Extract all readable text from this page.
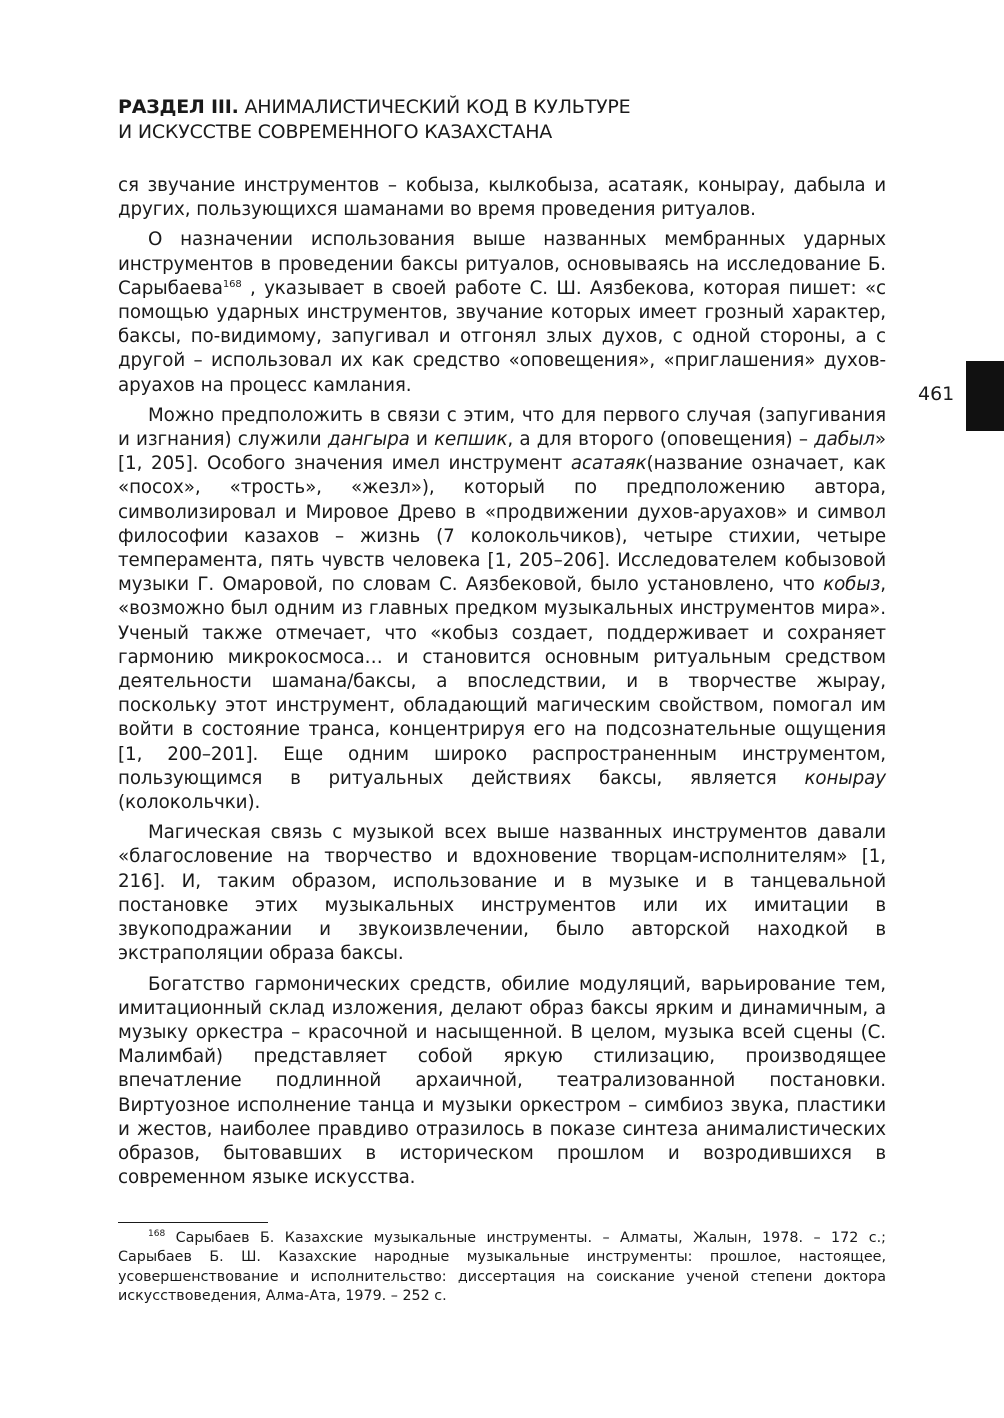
РАЗДЕЛ III. АНИМАЛИСТИЧЕСКИЙ КОД В КУЛЬТУРЕ
И ИСКУССТВЕ СОВРЕМЕННОГО КАЗАХСТАНА
461

ся звучание инструментов – кобыза, кылкобыза, асатаяк, конырау, дабыла и других, пользующихся шаманами во время проведения ритуалов.

О назначении использования выше названных мембранных ударных инструментов в проведении баксы ритуалов, основываясь на исследование Б. Сарыбаева$^{168}$ , указывает в своей работе С. Ш. Аязбекова, которая пишет: «с помощью ударных инструментов, звучание которых имеет грозный характер, баксы, по-видимому, запугивал и отгонял злых духов, с одной стороны, а с другой – использовал их как средство «оповещения», «приглашения» духов-аруахов на процесс камлания.

Можно предположить в связи с этим, что для первого случая (запугивания и изгнания) служили дангыра и кепшик, а для второго (оповещения) – дабыл» [1, 205]. Особого значения имел инструмент асатаяк(название означает, как «посох», «трость», «жезл»), который по предположению автора, символизировал и Мировое Древо в «продвижении духов-аруахов» и символ философии казахов – жизнь (7 колокольчиков), четыре стихии, четыре темперамента, пять чувств человека [1, 205–206]. Исследователем кобызовой музыки Г. Омаровой, по словам С. Аязбековой, было установлено, что кобыз, «возможно был одним из главных предком музыкальных инструментов мира». Ученый также отмечает, что «кобыз создает, поддерживает и сохраняет гармонию микрокосмоса… и становится основным ритуальным средством деятельности шамана/баксы, а впоследствии, и в творчестве жырау, поскольку этот инструмент, обладающий магическим свойством, помогал им войти в состояние транса, концентрируя его на подсознательные ощущения [1, 200–201]. Еще одним широко распространенным инструментом, пользующимся в ритуальных действиях баксы, является конырау (колокольчки).

Магическая связь с музыкой всех выше названных инструментов давали «благословение на творчество и вдохновение творцам-исполнителям» [1, 216]. И, таким образом, использование и в музыке и в танцевальной постановке этих музыкальных инструментов или их имитации в звукоподражании и звукоизвлечении, было авторской находкой в экстраполяции образа баксы.

Богатство гармонических средств, обилие модуляций, варьирование тем, имитационный склад изложения, делают образ баксы ярким и динамичным, а музыку оркестра – красочной и насыщенной. В целом, музыка всей сцены (С. Малимбай) представляет собой яркую стилизацию, производящее впечатление подлинной архаичной, театрализованной постановки. Виртуозное исполнение танца и музыки оркестром – симбиоз звука, пластики и жестов, наиболее правдиво отразилось в показе синтеза анималистических образов, бытовавших в историческом прошлом и возродившихся в современном языке искусства.

$^{168}$ Сарыбаев Б. Казахские музыкальные инструменты. – Алматы, Жалын, 1978. – 172 с.; Сарыбаев Б. Ш. Казахские народные музыкальные инструменты: прошлое, настоящее, усовершенствование и исполнительство: диссертация на соискание ученой степени доктора искусствоведения, Алма-Ата, 1979. – 252 с.
